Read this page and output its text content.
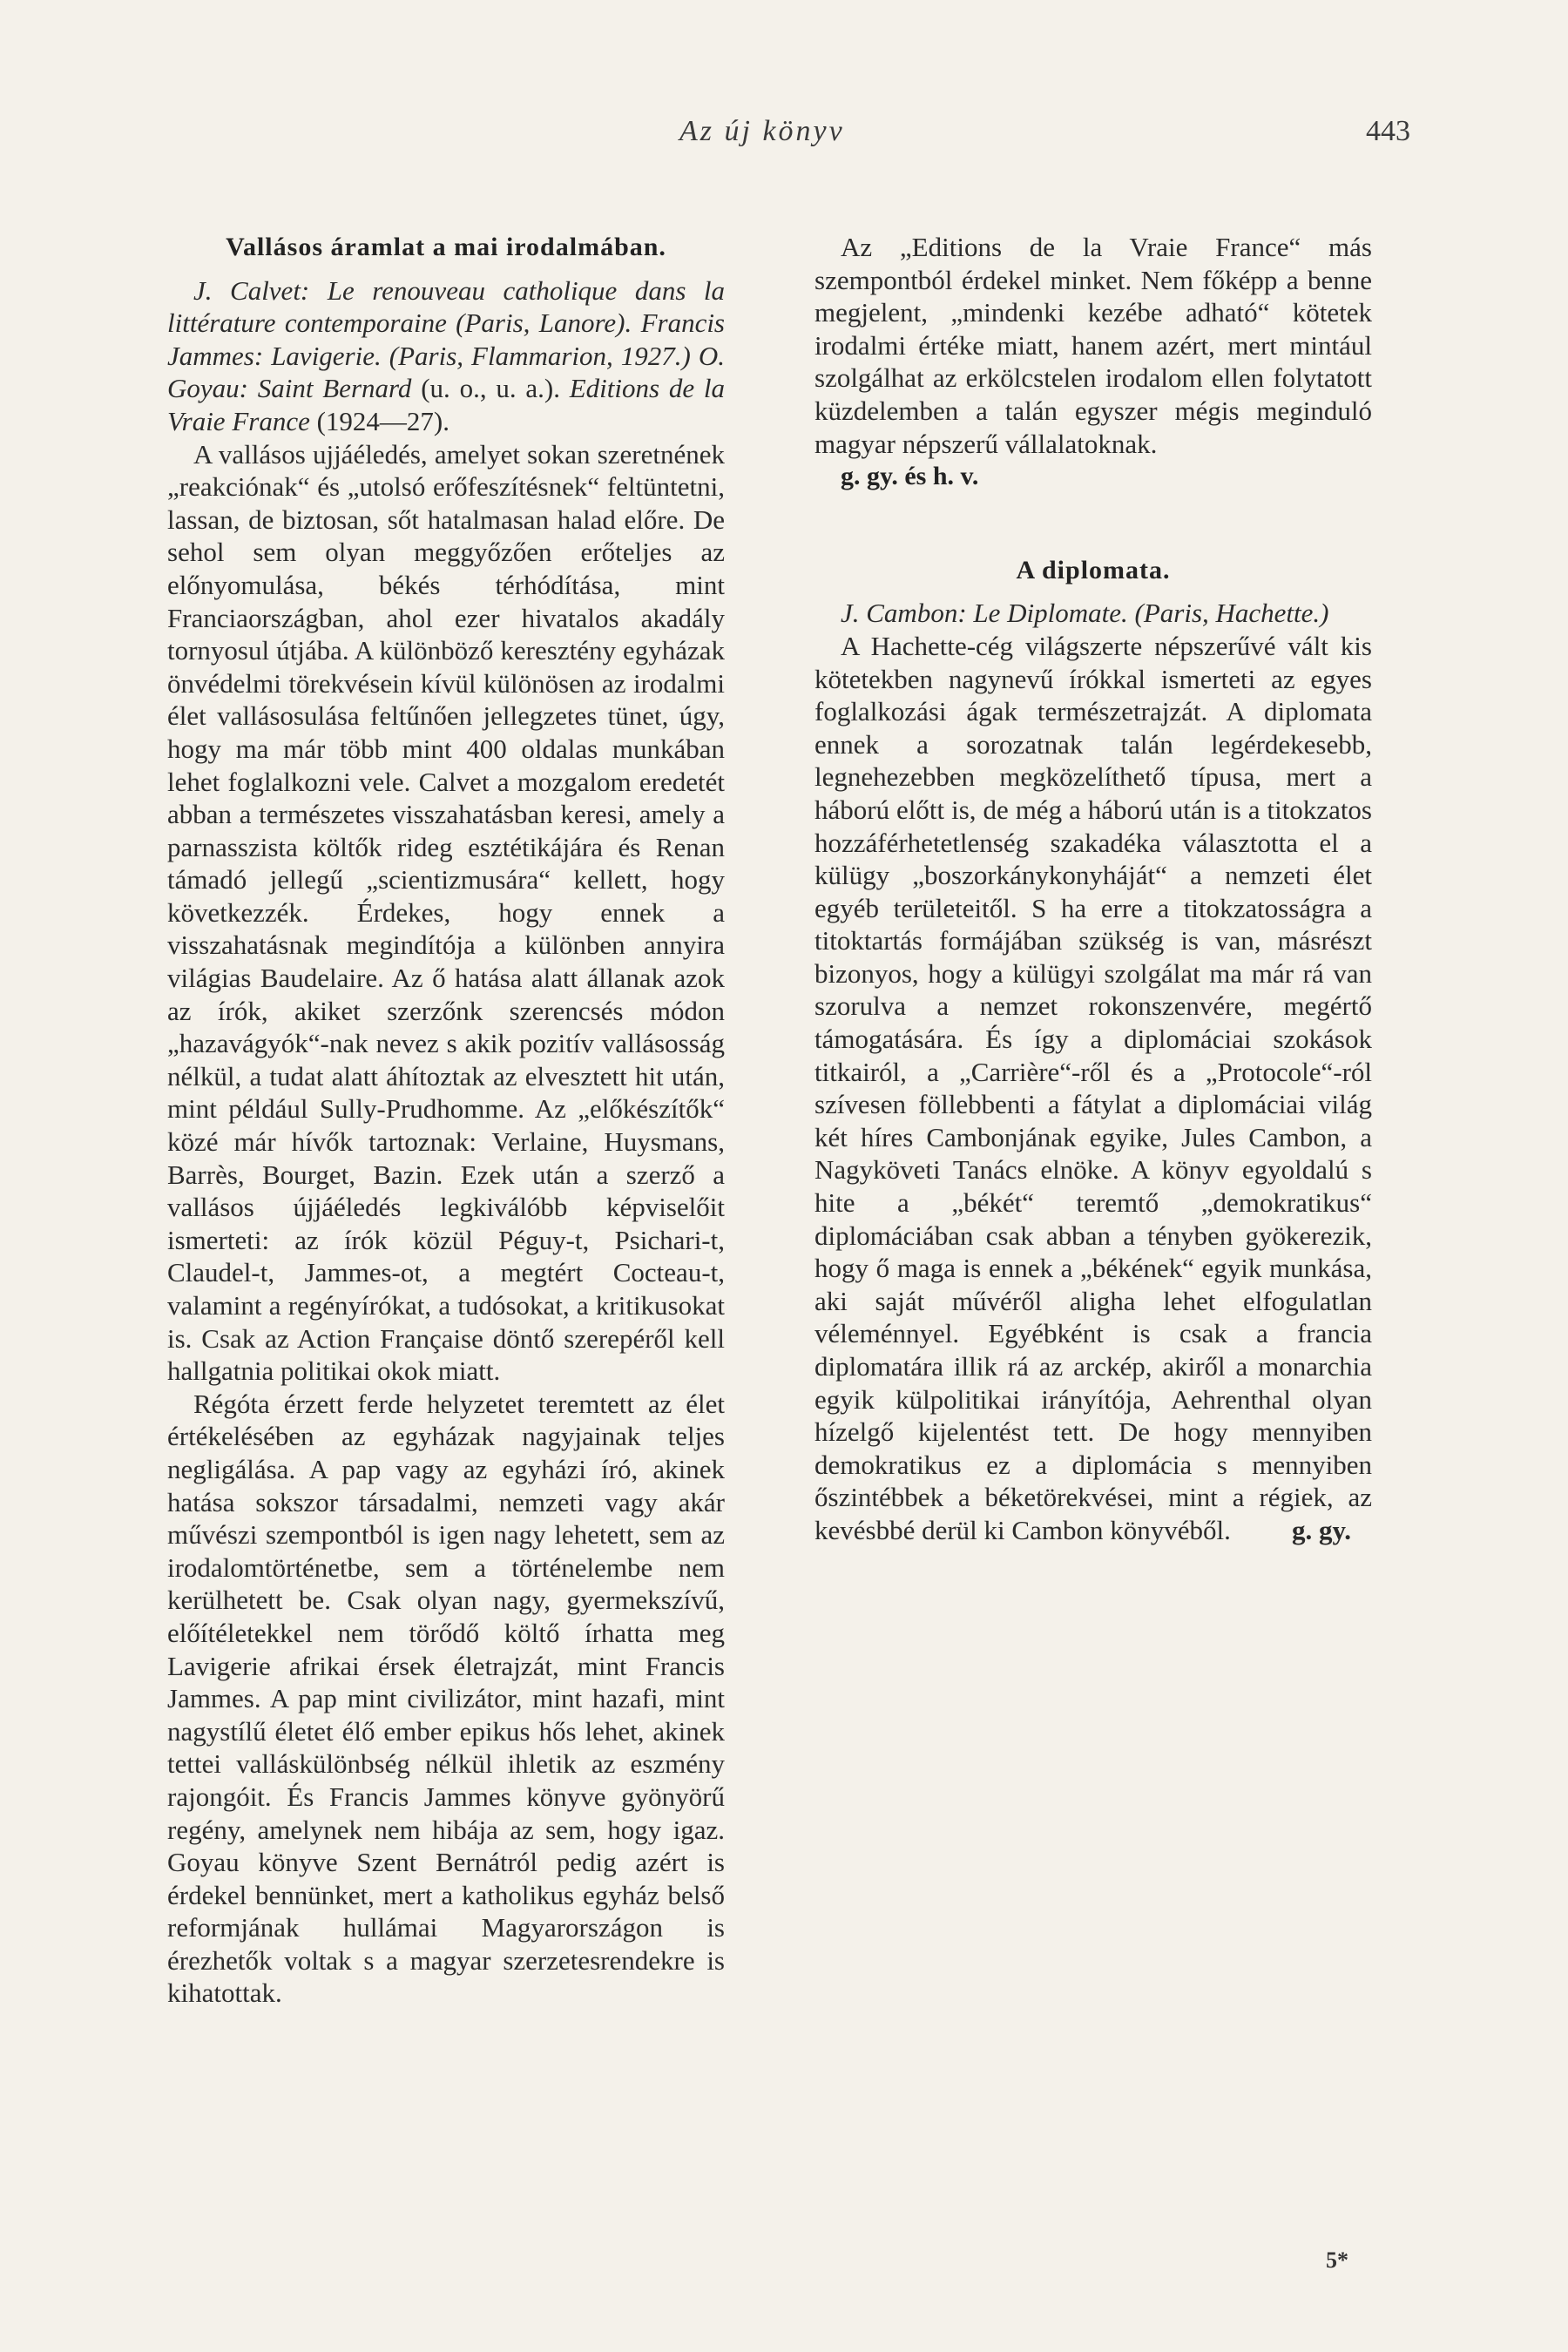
Az új könyv	443
Vallásos áramlat a mai irodalmában.

J. Calvet: Le renouveau catholique dans la littérature contemporaine (Paris, Lanore). Francis Jammes: Lavigerie. (Paris, Flammarion, 1927.) O. Goyau: Saint Bernard (u. o., u. a.). Editions de la Vraie France (1924—27).

A vallásos ujjáéledés, amelyet sokan szeretnének „reakciónak“ és „utolsó erőfeszítésnek“ feltüntetni, lassan, de biztosan, sőt hatalmasan halad előre. De sehol sem olyan meggyőzően erőteljes az előnyomulása, békés térhódítása, mint Franciaországban, ahol ezer hivatalos akadály tornyosul útjába. A különböző keresztény egyházak önvédelmi törekvésein kívül különösen az irodalmi élet vallásosulása feltűnően jellegzetes tünet, úgy, hogy ma már több mint 400 oldalas munkában lehet foglalkozni vele. Calvet a mozgalom eredetét abban a természetes visszahatásban keresi, amely a parnasszista költők rideg esztétikájára és Renan támadó jellegű „scientizmusára“ kellett, hogy következzék. Érdekes, hogy ennek a visszahatásnak megindítója a különben annyira világias Baudelaire. Az ő hatása alatt állanak azok az írók, akiket szerzőnk szerencsés módon „hazavágyók“-nak nevez s akik pozitív vallásosság nélkül, a tudat alatt áhítoztak az elvesztett hit után, mint például Sully-Prudhomme. Az „előkészítők“ közé már hívők tartoznak: Verlaine, Huysmans, Barrès, Bourget, Bazin. Ezek után a szerző a vallásos újjáéledés legkiválóbb képviselőit ismerteti: az írók közül Péguy-t, Psichari-t, Claudel-t, Jammes-ot, a megtért Cocteau-t, valamint a regényírókat, a tudósokat, a kritikusokat is. Csak az Action Française döntő szerepéről kell hallgatnia politikai okok miatt.

Régóta érzett ferde helyzetet teremtett az élet értékelésében az egyházak nagyjainak teljes negligálása. A pap vagy az egyházi író, akinek hatása sokszor társadalmi, nemzeti vagy akár művészi szempontból is igen nagy lehetett, sem az irodalomtörténetbe, sem a történelembe nem kerülhetett be. Csak olyan nagy, gyermekszívű, előítéletekkel nem törődő költő írhatta meg Lavigerie afrikai érsek életrajzát, mint Francis Jammes. A pap mint civilizátor, mint hazafi, mint nagystílű életet élő ember epikus hős lehet, akinek tettei valláskülönbség nélkül ihletik az eszmény rajongóit. És Francis Jammes könyve gyönyörű regény, amelynek nem hibája az sem, hogy igaz. Goyau könyve Szent Bernátról pedig azért is érdekel bennünket, mert a katholikus egyház belső reformjának hullámai Magyarországon is érezhetők voltak s a magyar szerzetesrendekre is kihatottak.

Az „Editions de la Vraie France“ más szempontból érdekel minket. Nem főképp a benne megjelent, „mindenki kezébe adható“ kötetek irodalmi értéke miatt, hanem azért, mert mintául szolgálhat az erkölcstelen irodalom ellen folytatott küzdelemben a talán egyszer mégis meginduló magyar népszerű vállalatoknak.

g. gy. és h. v.

A diplomata.

J. Cambon: Le Diplomate. (Paris, Hachette.)

A Hachette-cég világszerte népszerűvé vált kis kötetekben nagynevű írókkal ismerteti az egyes foglalkozási ágak természetrajzát. A diplomata ennek a sorozatnak talán legérdekesebb, legnehezebben megközelíthető típusa, mert a háború előtt is, de még a háború után is a titokzatos hozzáférhetetlenség szakadéka választotta el a külügy „boszorkánykonyháját“ a nemzeti élet egyéb területeitől. S ha erre a titokzatosságra a titoktartás formájában szükség is van, másrészt bizonyos, hogy a külügyi szolgálat ma már rá van szorulva a nemzet rokonszenvére, megértő támogatására. És így a diplomáciai szokások titkairól, a „Carrière“-ről és a „Protocole“-ról szívesen föllebbenti a fátylat a diplomáciai világ két híres Cambonjának egyike, Jules Cambon, a Nagyköveti Tanács elnöke. A könyv egyoldalú s hite a „békét“ teremtő „demokratikus“ diplomáciában csak abban a tényben gyökerezik, hogy ő maga is ennek a „békének“ egyik munkása, aki saját művéről aligha lehet elfogulatlan véleménnyel. Egyébként is csak a francia diplomatára illik rá az arckép, akiről a monarchia egyik külpolitikai irányítója, Aehrenthal olyan hízelgő kijelentést tett. De hogy mennyiben demokratikus ez a diplomácia s mennyiben őszintébbek a béketörekvései, mint a régiek, az kevésbbé derül ki Cambon könyvéből.	g. gy.

5*
